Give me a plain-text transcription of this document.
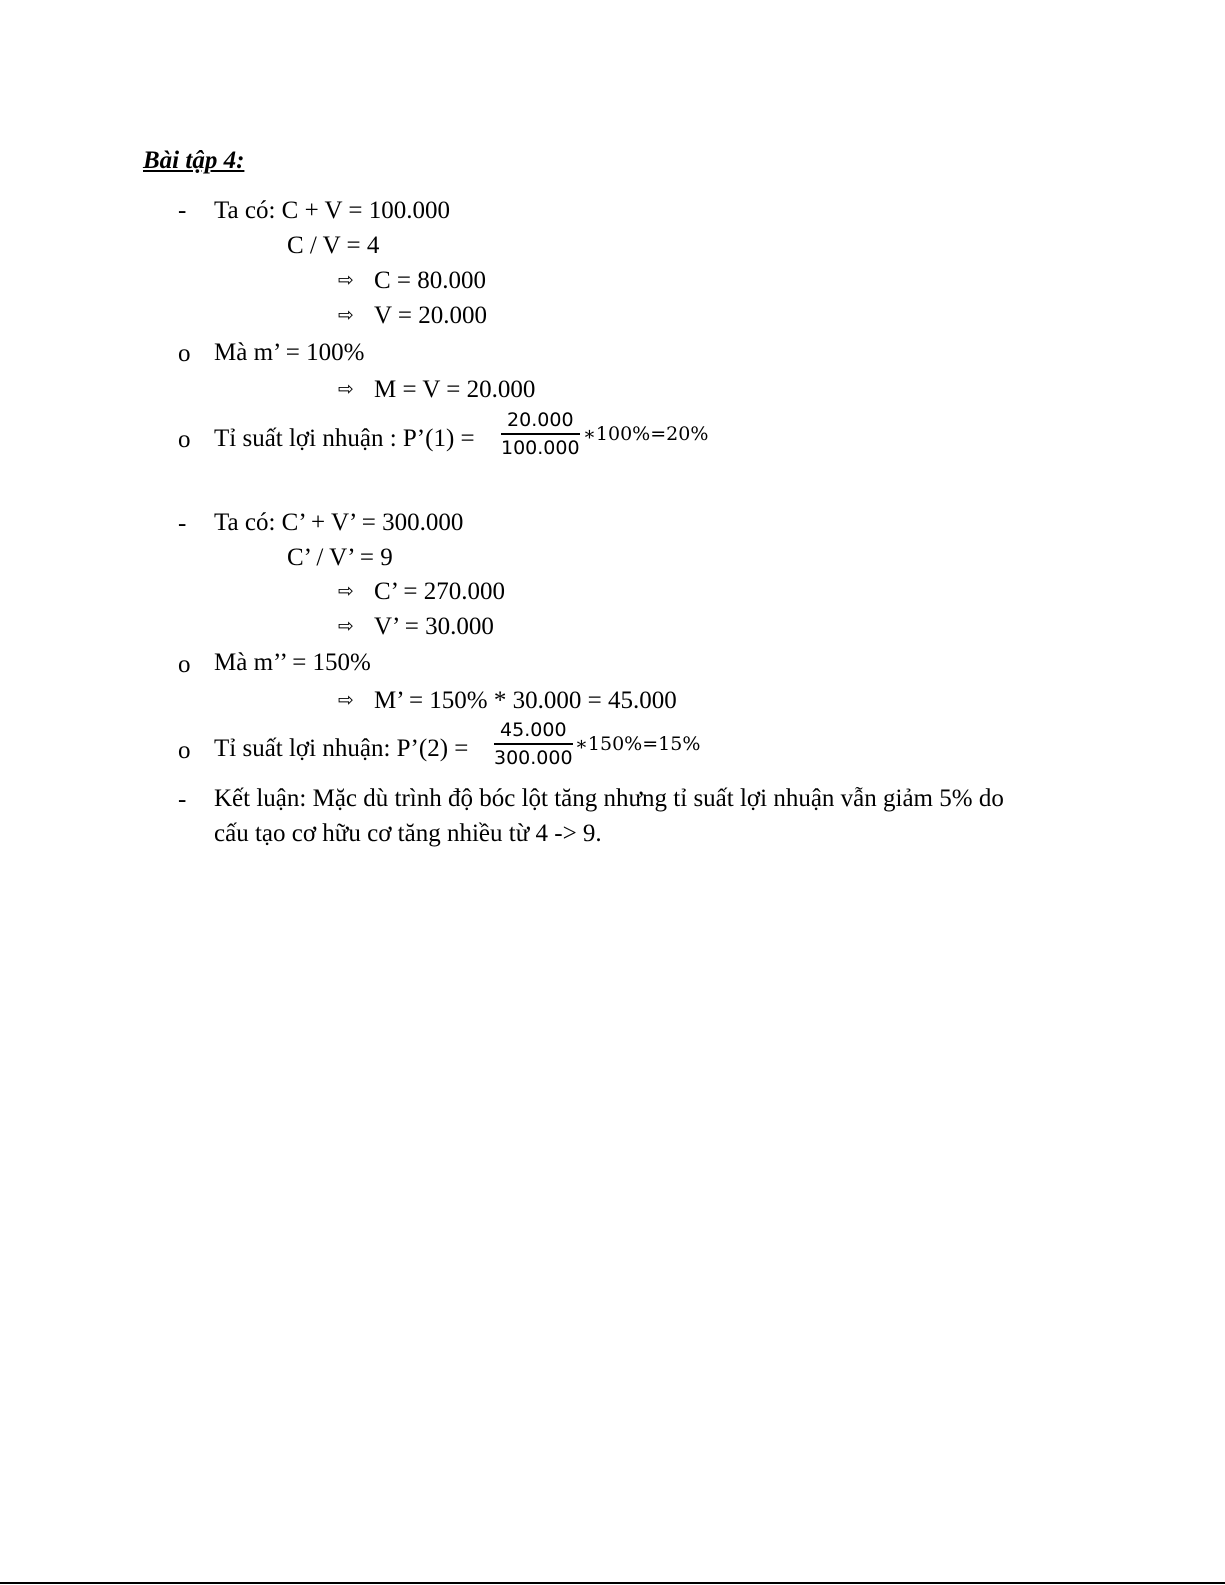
Bài tập 4:
- Ta có: C + V = 100.000
C / V = 4
⇨ C = 80.000
⇨ V = 20.000
o Mà m’ = 100%
⇨ M = V = 20.000
o Tỉ suất lợi nhuận : P’(1) =
20.000
100.000
∗100%=20%
- Ta có: C’ + V’ = 300.000
C’ / V’ = 9
⇨ C’ = 270.000
⇨ V’ = 30.000
o Mà m’’ = 150%
⇨ M’ = 150% * 30.000 = 45.000
o Tỉ suất lợi nhuận: P’(2) =
45.000
300.000
∗150%=15%
- Kết luận: Mặc dù trình độ bóc lột tăng nhưng tỉ suất lợi nhuận vẫn giảm 5% do
cấu tạo cơ hữu cơ tăng nhiều từ 4 -> 9.
